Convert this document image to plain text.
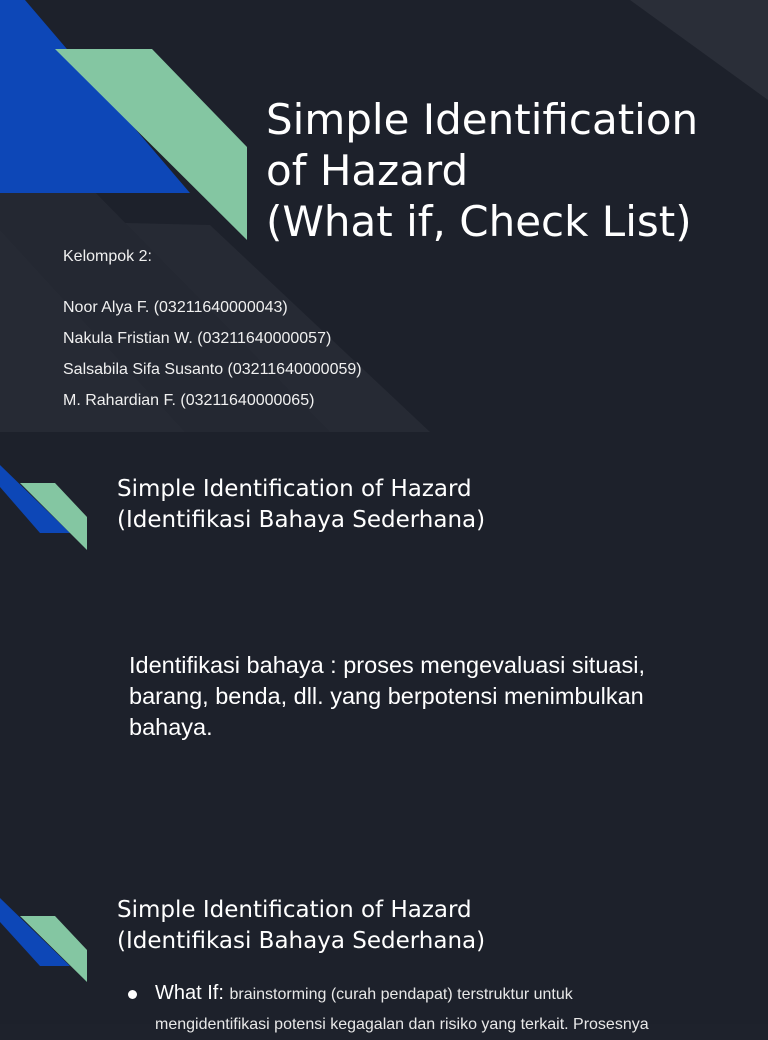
Simple Identification
of Hazard
(What if, Check List)
Kelompok 2:
Noor Alya F. (03211640000043)
Nakula Fristian W. (03211640000057)
Salsabila Sifa Susanto (03211640000059)
M. Rahardian F. (03211640000065)
Simple Identification of Hazard
(Identifikasi Bahaya Sederhana)

Identifikasi bahaya : proses mengevaluasi situasi, barang, benda, dll. yang berpotensi menimbulkan bahaya.

Simple Identification of Hazard
(Identifikasi Bahaya Sederhana)
What If: brainstorming (curah pendapat) terstruktur untuk mengidentifikasi potensi kegagalan dan risiko yang terkait. Prosesnya
